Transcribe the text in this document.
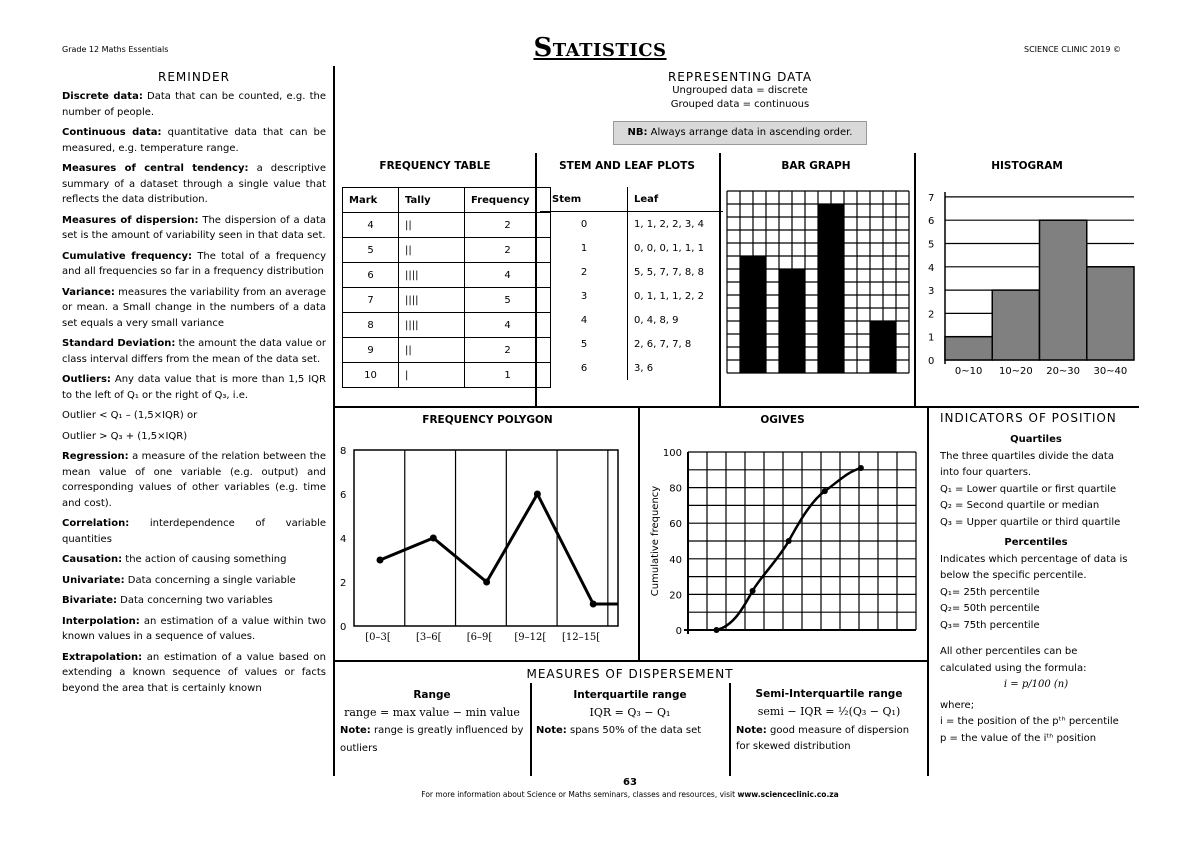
Grade 12 Maths Essentials	Statistics	SCIENCE CLINIC 2019 ©
REMINDER

Discrete data: Data that can be counted, e.g. the number of people.

Continuous data: quantitative data that can be measured, e.g. temperature range.

Measures of central tendency: a descriptive summary of a dataset through a single value that reflects the data distribution.

Measures of dispersion: The dispersion of a data set is the amount of variability seen in that data set.

Cumulative frequency: The total of a frequency and all frequencies so far in a frequency distribution

Variance: measures the variability from an average or mean. a Small change in the numbers of a data set equals a very small variance

Standard Deviation: the amount the data value or class interval differs from the mean of the data set.

Outliers: Any data value that is more than 1,5 IQR to the left of Q₁ or the right of Q₃, i.e.

Outlier < Q₁ – (1,5×IQR) or

Outlier > Q₃ + (1,5×IQR)

Regression: a measure of the relation between the mean value of one variable (e.g. output) and corresponding values of other variables (e.g. time and cost).

Correlation: interdependence of variable quantities

Causation: the action of causing something

Univariate: Data concerning a single variable

Bivariate: Data concerning two variables

Interpolation: an estimation of a value within two known values in a sequence of values.

Extrapolation: an estimation of a value based on extending a known sequence of values or facts beyond the area that is certainly known

REPRESENTING DATA
Ungrouped data = discrete
Grouped data = continuous
NB: Always arrange data in ascending order.
FREQUENCY TABLE	STEM AND LEAF PLOTS	BAR GRAPH	HISTOGRAM
Mark	Tally	Frequency
4	||	2
5	||	2
6	||||	4
7	||||	5
8	||||	4
9	||	2
10	|	1
Stem	Leaf
0	1, 1, 2, 2, 3, 4
1	0, 0, 0, 1, 1, 1
2	5, 5, 7, 7, 8, 8
3	0, 1, 1, 1, 2, 2
4	0, 4, 8, 9
5	2, 6, 7, 7, 8
6	3, 6
0
1
2
3
4
5
6
7
0~10 10~20 20~30 30~40
FREQUENCY POLYGON	OGIVES
0
2
4
6
8
[0–3[	[3–6[	[6–9[ [9–12[ [12–15[
0
20
40
60
80
100
Cumulative frequency
INDICATORS OF POSITION
Quartiles
The three quartiles divide the data into four quarters.
Q₁ = Lower quartile or first quartile
Q₂ = Second quartile or median
Q₃ = Upper quartile or third quartile
Percentiles
Indicates which percentage of data is below the specific percentile.
Q₁= 25th percentile
Q₂= 50th percentile
Q₃= 75th percentile
All other percentiles can be calculated using the formula:
i = p/100 (n)
where;
i = the position of the pᵗʰ percentile
p = the value of the iᵗʰ position
MEASURES OF DISPERSEMENT
Range
range = max value − min value
Note: range is greatly influenced by outliers
Interquartile range
IQR = Q₃ − Q₁
Note: spans 50% of the data set
Semi-Interquartile range
semi − IQR = ½(Q₃ − Q₁)
Note: good measure of dispersion for skewed distribution
63
For more information about Science or Maths seminars, classes and resources, visit www.scienceclinic.co.za
